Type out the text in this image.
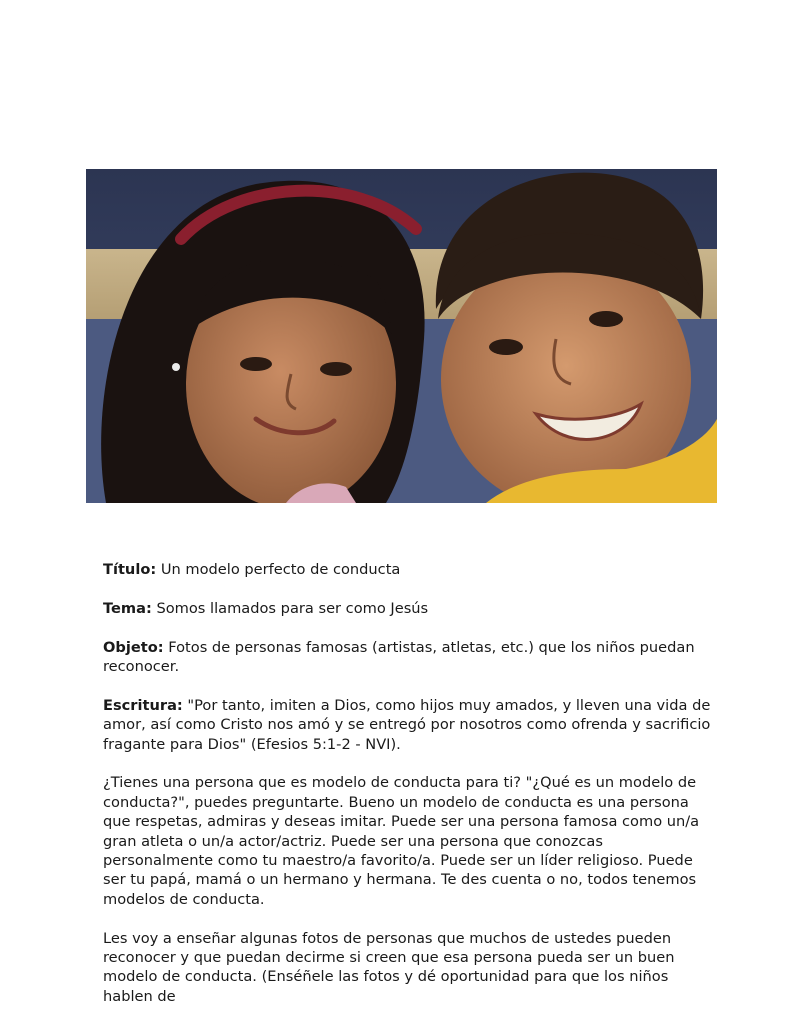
Título: Un modelo perfecto de conducta

Tema: Somos llamados para ser como Jesús

Objeto: Fotos de personas famosas (artistas, atletas, etc.) que los niños puedan reconocer.

Escritura: "Por tanto, imiten a Dios, como hijos muy amados, y lleven una vida de amor, así como Cristo nos amó y se entregó por nosotros como ofrenda y sacrificio fragante para Dios" (Efesios 5:1-2 - NVI).

¿Tienes una persona que es modelo de conducta para ti? "¿Qué es un modelo de conducta?", puedes preguntarte. Bueno un modelo de conducta es una persona que respetas, admiras y deseas imitar. Puede ser una persona famosa como un/a gran atleta o un/a actor/actriz. Puede ser una persona que conozcas personalmente como tu maestro/a favorito/a. Puede ser un líder religioso. Puede ser tu papá, mamá o un hermano y hermana. Te des cuenta o no, todos tenemos modelos de conducta.

Les voy a enseñar algunas fotos de personas que muchos de ustedes pueden reconocer y que puedan decirme si creen que esa persona pueda ser un buen modelo de conducta. (Enséñele las fotos y dé oportunidad para que los niños hablen de
